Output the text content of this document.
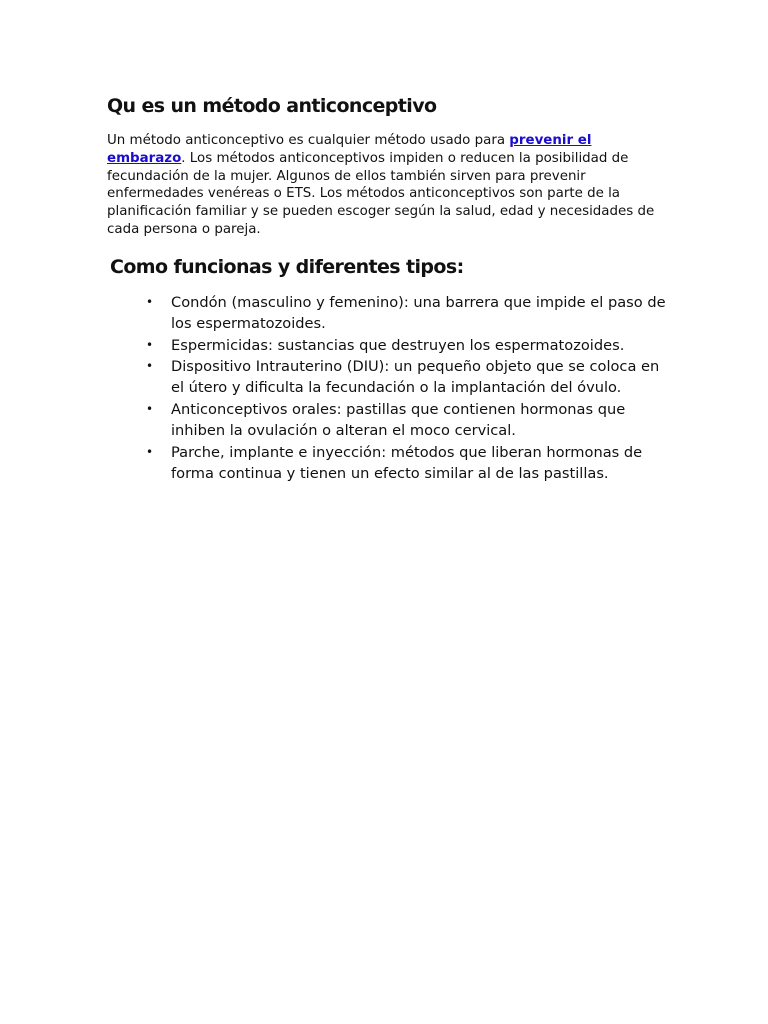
Qu es un método anticonceptivo

Un método anticonceptivo es cualquier método usado para prevenir el embarazo. Los métodos anticonceptivos impiden o reducen la posibilidad de fecundación de la mujer. Algunos de ellos también sirven para prevenir enfermedades venéreas o ETS. Los métodos anticonceptivos son parte de la planificación familiar y se pueden escoger según la salud, edad y necesidades de cada persona o pareja.

Como funcionas y diferentes tipos:
• Condón (masculino y femenino): una barrera que impide el paso de los espermatozoides.
• Espermicidas: sustancias que destruyen los espermatozoides.
• Dispositivo Intrauterino (DIU): un pequeño objeto que se coloca en el útero y dificulta la fecundación o la implantación del óvulo.
• Anticonceptivos orales: pastillas que contienen hormonas que inhiben la ovulación o alteran el moco cervical.
• Parche, implante e inyección: métodos que liberan hormonas de forma continua y tienen un efecto similar al de las pastillas.
